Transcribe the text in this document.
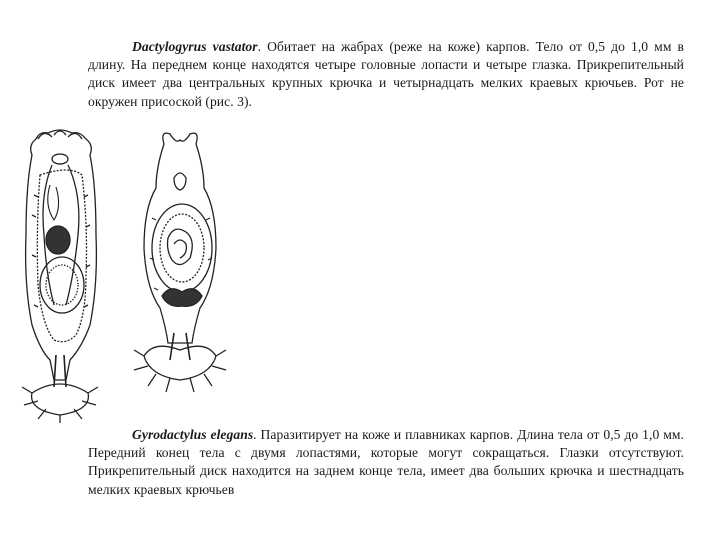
Dactylogyrus vastator. Обитает на жабрах (реже на коже) карпов. Тело от 0,5 до 1,0 мм в длину. На переднем конце находятся четыре головные лопасти и четыре глазка. Прикрепительный диск имеет два центральных крупных крючка и четырнадцать мелких краевых крючьев. Рот не окружен присоской (рис. 3).
Gyrodactylus elegans. Паразитирует на коже и плавниках карпов. Длина тела от 0,5 до 1,0 мм. Передний конец тела с двумя лопастями, которые могут сокращаться. Глазки отсутствуют. Прикрепительный диск находится на заднем конце тела, имеет два больших крючка и шестнадцать мелких краевых крючьев
